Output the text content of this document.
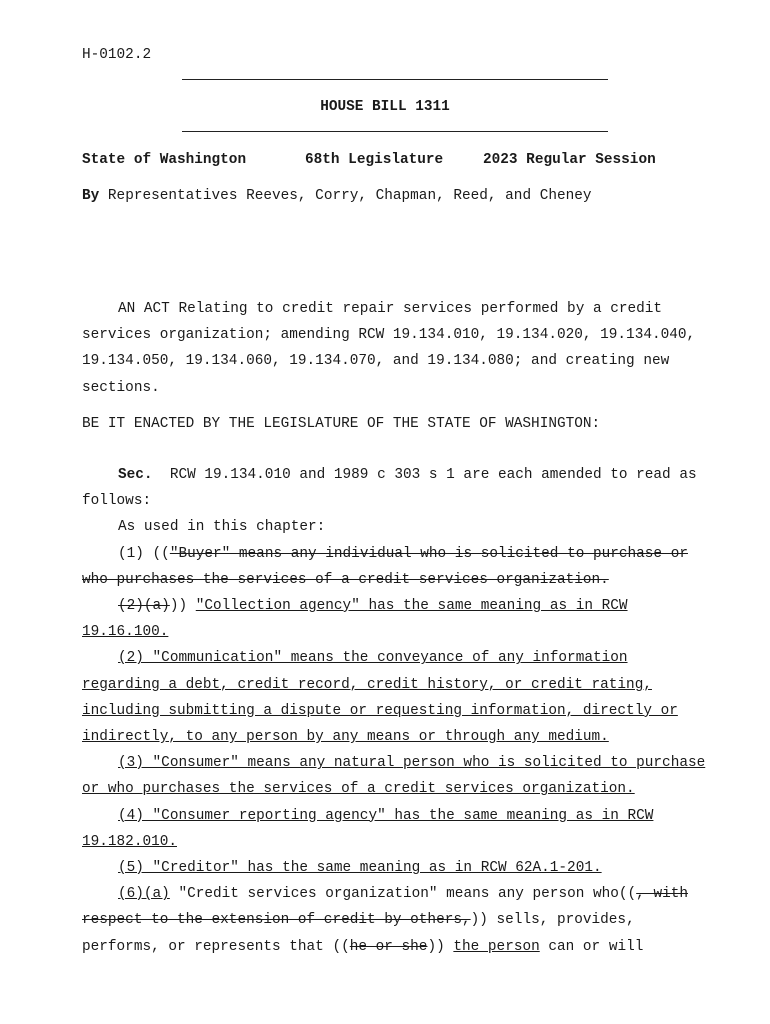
H-0102.2
HOUSE BILL 1311

State of Washington

	68th Legislature

	2023 Regular Session

By Representatives Reeves, Corry, Chapman, Reed, and Cheney

AN ACT Relating to credit repair services performed by a credit services organization; amending RCW 19.134.010, 19.134.020, 19.134.040, 19.134.050, 19.134.060, 19.134.070, and 19.134.080; and creating new sections.

BE IT ENACTED BY THE LEGISLATURE OF THE STATE OF WASHINGTON:

Sec.  RCW 19.134.010 and 1989 c 303 s 1 are each amended to read as follows:

As used in this chapter:

(1) (("Buyer" means any individual who is solicited to purchase or who purchases the services of a credit services organization.

(2)(a))) "Collection agency" has the same meaning as in RCW 19.16.100.

(2) "Communication" means the conveyance of any information regarding a debt, credit record, credit history, or credit rating, including submitting a dispute or requesting information, directly or indirectly, to any person by any means or through any medium.

(3) "Consumer" means any natural person who is solicited to purchase or who purchases the services of a credit services organization.

(4) "Consumer reporting agency" has the same meaning as in RCW 19.182.010.

(5) "Creditor" has the same meaning as in RCW 62A.1-201.

(6)(a) "Credit services organization" means any person who((, with respect to the extension of credit by others,)) sells, provides, performs, or represents that ((he or she)) the person can or will
